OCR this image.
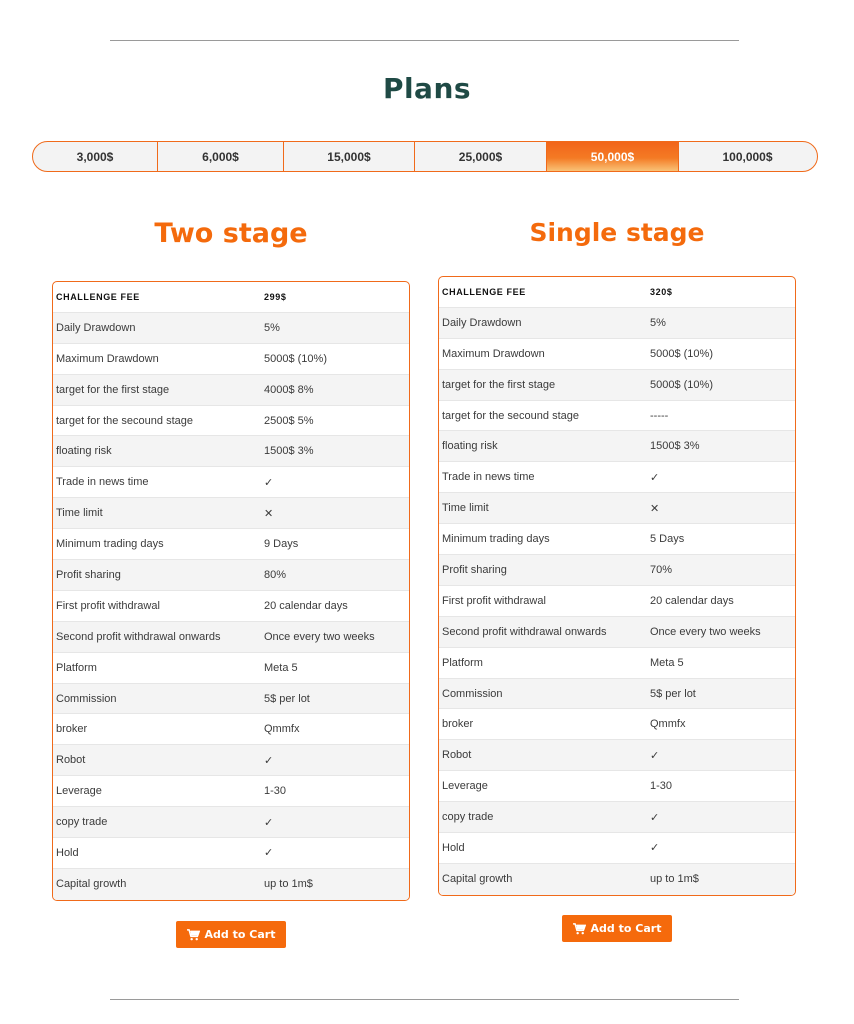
Plans
3,000$	6,000$	15,000$	25,000$	50,000$	100,000$
Two stage	Single stage
CHALLENGE FEE	299$
Daily Drawdown	5%
Maximum Drawdown	5000$ (10%)
target for the first stage	4000$ 8%
target for the secound stage	2500$ 5%
floating risk	1500$ 3%
Trade in news time	✓
Time limit	✕
Minimum trading days	9 Days
Profit sharing	80%
First profit withdrawal	20 calendar days
Second profit withdrawal onwards	Once every two weeks
Platform	Meta 5
Commission	5$ per lot
broker	Qmmfx
Robot	✓
Leverage	1-30
copy trade	✓
Hold	✓
Capital growth	up to 1m$
CHALLENGE FEE	320$
Daily Drawdown	5%
Maximum Drawdown	5000$ (10%)
target for the first stage	5000$ (10%)
target for the secound stage	-----
floating risk	1500$ 3%
Trade in news time	✓
Time limit	✕
Minimum trading days	5 Days
Profit sharing	70%
First profit withdrawal	20 calendar days
Second profit withdrawal onwards	Once every two weeks
Platform	Meta 5
Commission	5$ per lot
broker	Qmmfx
Robot	✓
Leverage	1-30
copy trade	✓
Hold	✓
Capital growth	up to 1m$
Add to Cart	Add to Cart
